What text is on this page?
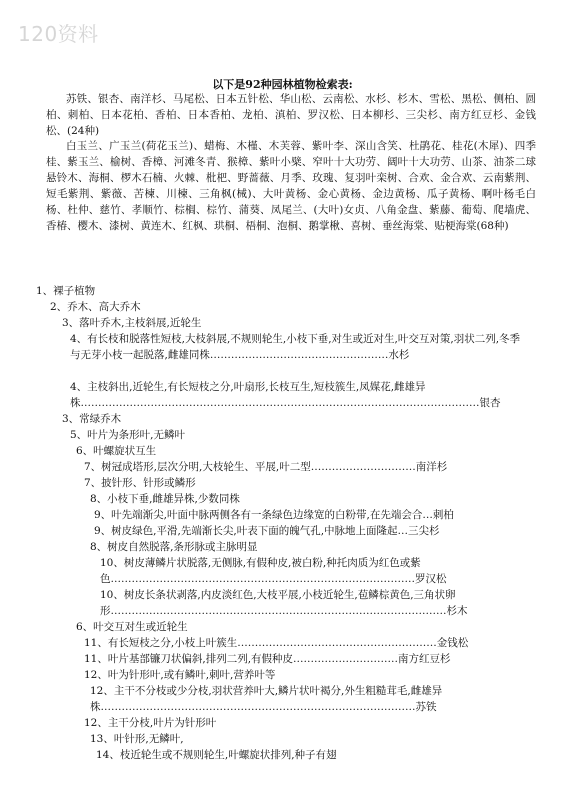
120资料
以下是92种园林植物检索表:
苏铁、银杏、南洋杉、马尾松、日本五针松、华山松、云南松、水杉、杉木、雪松、黑松、侧柏、圆柏、刺柏、日本花柏、香柏、日本香柏、龙柏、滇柏、罗汉松、日本柳杉、三尖杉、南方红豆杉、金钱松、(24种)
白玉兰、广玉兰(荷花玉兰)、蜡梅、木槿、木芙蓉、紫叶李、深山含笑、杜鹃花、桂花(木犀)、四季桂、紫玉兰、榆树、香樟、河滩冬青、猴樟、紫叶小檗、窄叶十大功劳、阔叶十大功劳、山茶、油茶二球悬铃木、海桐、椤木石楠、火棘、枇杷、野蔷薇、月季、玫瑰、复羽叶栾树、合欢、金合欢、云南紫荆、短毛紫荆、紫薇、苦楝、川楝、三角枫(械)、大叶黄杨、金心黄杨、金边黄杨、瓜子黄杨、啊叶杨毛白杨、杜仲、慈竹、孝顺竹、棕榈、棕竹、蒲葵、凤尾兰、(大叶)女贞、八角金盘、紫藤、葡萄、爬墙虎、香椿、樱木、漆树、黄连木、红枫、珙桐、梧桐、泡桐、鹅掌楸、喜树、垂丝海棠、贴梗海棠(68种)
1、裸子植物
2、乔木、高大乔木
3、落叶乔木,主枝斜展,近轮生
4、有长枝和脱落性短枝,大枝斜展,不规则轮生,小枝下垂,对生或近对生,叶交互对策,羽状二列,冬季与无芽小枝一起脱落,雌雄同株……………………………………………水杉
4、主枝斜出,近轮生,有长短枝之分,叶扇形,长枝互生,短枝簇生,凤媒花,雌雄异株……………………………………………………………………………………………………银杏
3、常绿乔木
5、叶片为条形叶,无鳞叶
6、叶螺旋状互生
7、树冠成塔形,层次分明,大枝轮生、平展,叶二型…………………………南洋杉
7、披针形、针形或鳞形
8、小枝下垂,雌雄异株,少数同株
9、叶先端渐尖,叶面中脉两侧各有一条绿色边缘宽的白粉带,在先端会合…刺柏
9、树皮绿色,平滑,先端渐长尖,叶表下面的魄气孔,中脉地上面隆起…三尖杉
8、树皮自然脱落,条形脉或主脉明显
10、树皮薄鳞片状脱落,无侧脉,有假种皮,被白粉,种托肉质为红色或紫色……………………………………………………………………………罗汉松
10、树皮长条状剥落,内皮淡红色,大枝平展,小枝近轮生,苞鳞棕黄色,三角状卵形……………………………………………………………………………………杉木
6、叶交互对生或近轮生
11、有长短枝之分,小枝上叶簇生…………………………………………………金钱松
11、叶片基部镰刀状偏斜,排列二列,有假种皮…………………………南方红豆杉
12、叶为针形叶,或有鳞叶,刺叶,营养叶等
12、主干不分枝或少分枝,羽状营养叶大,鳞片状叶褐分,外生粗糙茸毛,雌雄异株………………………………………………………………………………苏铁
12、主干分枝,叶片为针形叶
13、叶针形,无鳞叶,
14、枝近轮生或不规则轮生,叶螺旋状排列,种子有翅
